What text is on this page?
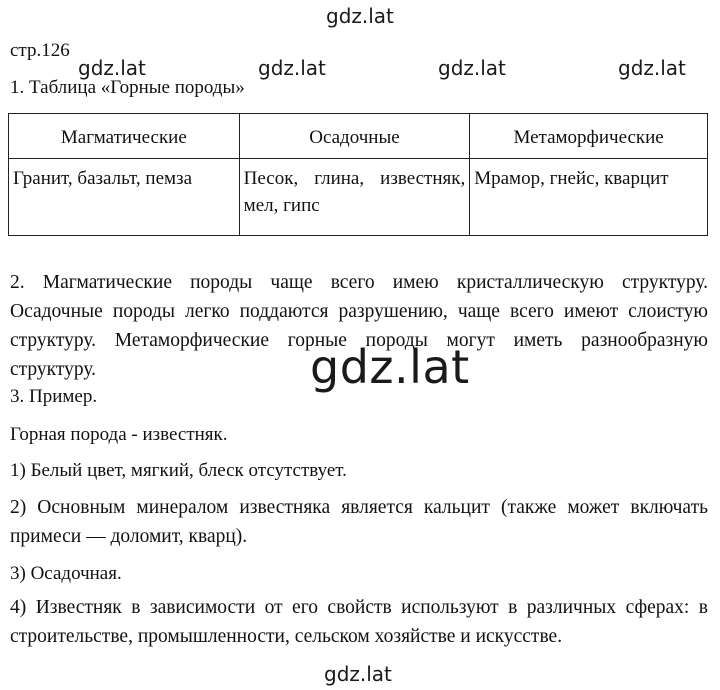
gdz.lat
gdz.lat	gdz.lat	gdz.lat	gdz.lat
стр.126
1. Таблица «Горные породы»
Магматические	Осадочные	Метаморфические
Гранит, базальт, пемза	Песок, глина, известняк, мел, гипс	Мрамор, гнейс, кварцит
2. Магматические породы чаще всего имею кристаллическую структуру. Осадочные породы легко поддаются разрушению, чаще всего имеют слоистую структуру. Метаморфические горные породы могут иметь разнообразную структуру.	gdz.lat
3. Пример.
Горная порода - известняк.
1) Белый цвет, мягкий, блеск отсутствует.
2) Основным минералом известняка является кальцит (также может включать примеси — доломит, кварц).
3) Осадочная.
4) Известняк в зависимости от его свойств используют в различных сферах: в строительстве, промышленности, сельском хозяйстве и искусстве.
gdz.lat
